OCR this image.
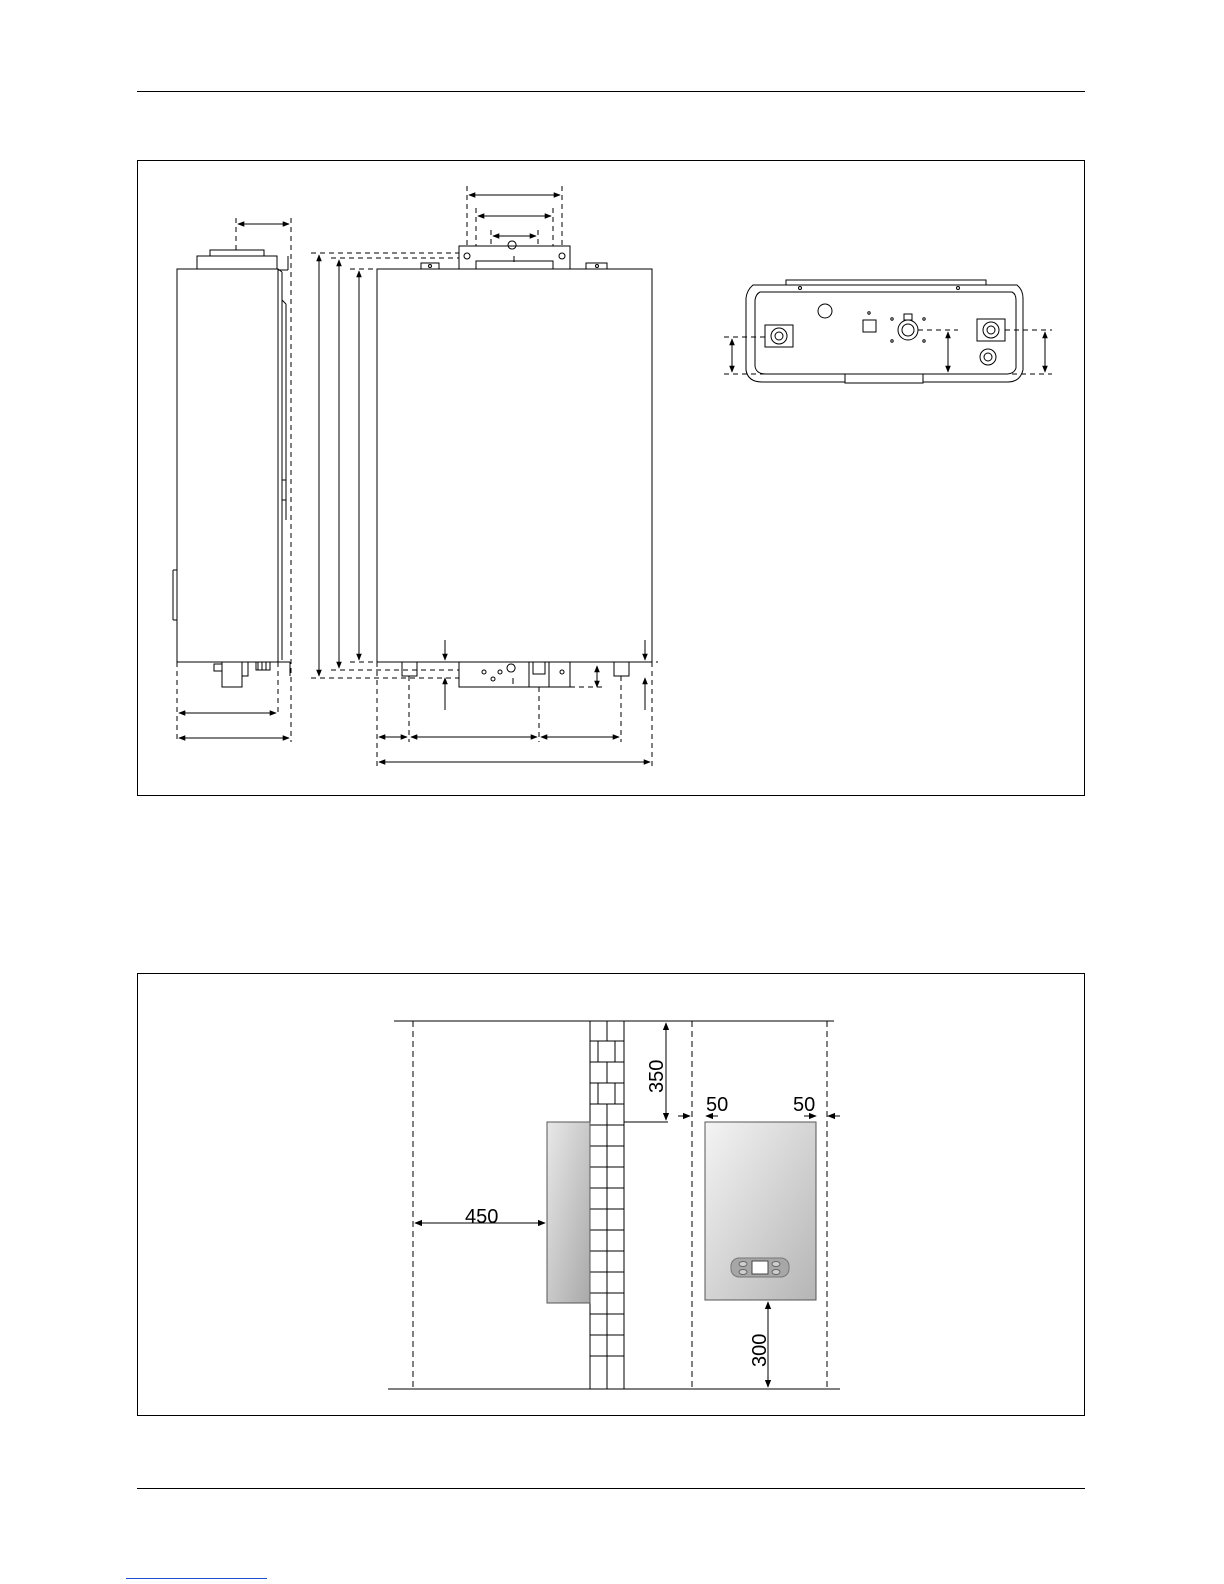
450
350
50	50
300
